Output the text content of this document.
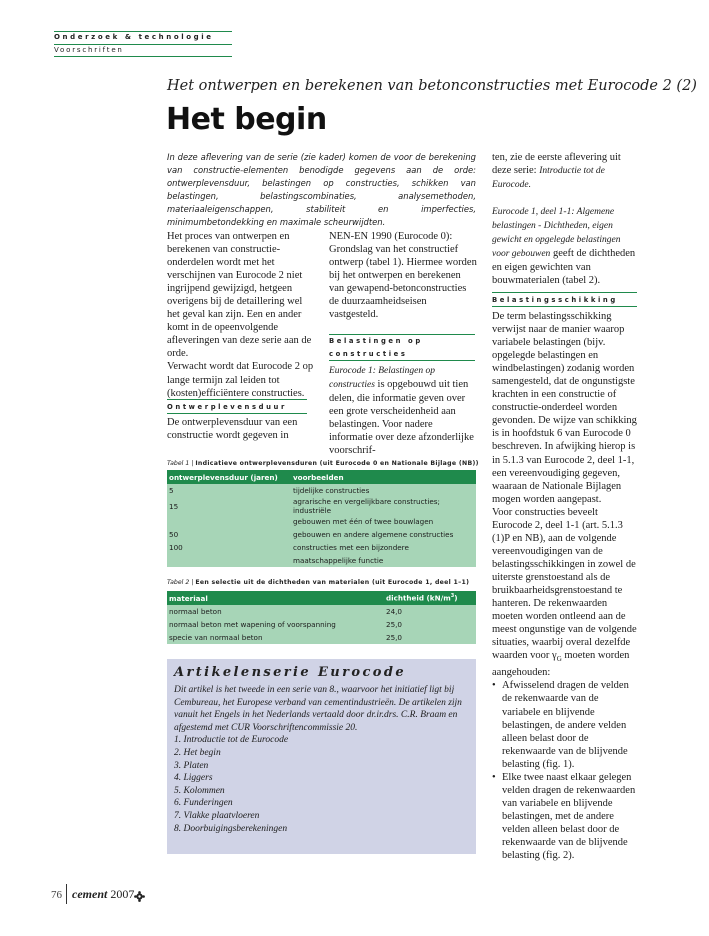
Onderzoek & technologie
Voorschriften
Het ontwerpen en berekenen van betonconstructies met Eurocode 2 (2)
Het begin
In deze aflevering van de serie (zie kader) komen de voor de berekening van constructie-elementen benodigde gegevens aan de orde: ontwerplevensduur, belastingen op constructies, schikken van belastingen, belastingscombinaties, analysemethoden, materiaaleigenschappen, stabiliteit en imperfecties, minimumbetondekking en maximale scheurwijdten.

Het proces van ontwerpen en berekenen van constructie-onderdelen wordt met het verschijnen van Eurocode 2 niet ingrijpend gewijzigd, hetgeen overigens bij de detaillering wel het geval kan zijn. Een en ander komt in de opeenvolgende afleveringen van deze serie aan de orde.

Verwacht wordt dat Eurocode 2 op lange termijn zal leiden tot (kosten)efficiëntere constructies.

Ontwerplevensduur
De ontwerplevensduur van een constructie wordt gegeven in
NEN-EN 1990 (Eurocode 0): Grondslag van het constructief ontwerp (tabel 1). Hiermee worden bij het ontwerpen en berekenen van gewapend-betonconstructies de duurzaamheidseisen vastgesteld.
Belastingen op
constructies
Eurocode 1: Belastingen op constructies is opgebouwd uit tien delen, die informatie geven over een grote verscheidenheid aan belastingen. Voor nadere informatie over deze afzonderlijke voorschrif-
ten, zie de eerste aflevering uit deze serie: Introductie tot de Eurocode.
Eurocode 1, deel 1-1: Algemene belastingen - Dichtheden, eigen gewicht en opgelegde belastingen voor gebouwen geeft de dichtheden en eigen gewichten van bouwmaterialen (tabel 2).
Belastingsschikking

De term belastingsschikking verwijst naar de manier waarop variabele belastingen (bijv. opgelegde belastingen en windbelastingen) zodanig worden samengesteld, dat de ongunstigste krachten in een constructie of constructie-onderdeel worden gevonden. De wijze van schikking is in hoofdstuk 6 van Eurocode 0 beschreven. In afwijking hierop is in 5.1.3 van Eurocode 2, deel 1-1, een vereenvoudiging gegeven, waaraan de Nationale Bijlagen mogen worden aangepast.

Voor constructies beveelt Eurocode 2, deel 1-1 (art. 5.1.3 (1)P en NB), aan de volgende vereenvoudigingen van de belastingsschikkingen in zowel de uiterste grenstoestand als de bruikbaarheidsgrenstoestand te hanteren. De rekenwaarden moeten worden ontleend aan de meest ongunstige van de volgende situaties, waarbij overal dezelfde waarden voor $\gamma_G$ moeten worden aangehouden:

• Afwisselend dragen de velden de rekenwaarde van de variabele en blijvende belastingen, de andere velden alleen belast door de rekenwaarde van de blijvende belasting (fig. 1).
• Elke twee naast elkaar gelegen velden dragen de rekenwaarden van variabele en blijvende belastingen, met de andere velden alleen belast door de rekenwaarde van de blijvende belasting (fig. 2).
Tabel 1 | Indicatieve ontwerplevensduren (uit Eurocode 0 en Nationale Bijlage (NB))
ontwerplevensduur (jaren)	voorbeelden
5	tijdelijke constructies
15	agrarische en vergelijkbare constructies; industriële
	gebouwen met één of twee bouwlagen
50	gebouwen en andere algemene constructies
100	constructies met een bijzondere
	maatschappelijke functie
Tabel 2 | Een selectie uit de dichtheden van materialen (uit Eurocode 1, deel 1–1)
materiaal	dichtheid $(kN/m^3)$
normaal beton	24,0
normaal beton met wapening of voorspanning	25,0
specie van normaal beton	25,0
Artikelenserie Eurocode
Dit artikel is het tweede in een serie van 8., waarvoor het initiatief ligt bij Cembureau, het Europese verband van cementindustrieën. De artikelen zijn vanuit het Engels in het Nederlands vertaald door dr.ir.drs. C.R. Braam en afgestemd met CUR Voorschriftencommissie 20.
1. Introductie tot de Eurocode
2. Het begin
3. Platen
4. Liggers
5. Kolommen
6. Funderingen
7. Vlakke plaatvloeren
8. Doorbuigingsberekeningen
76 cement 2007
